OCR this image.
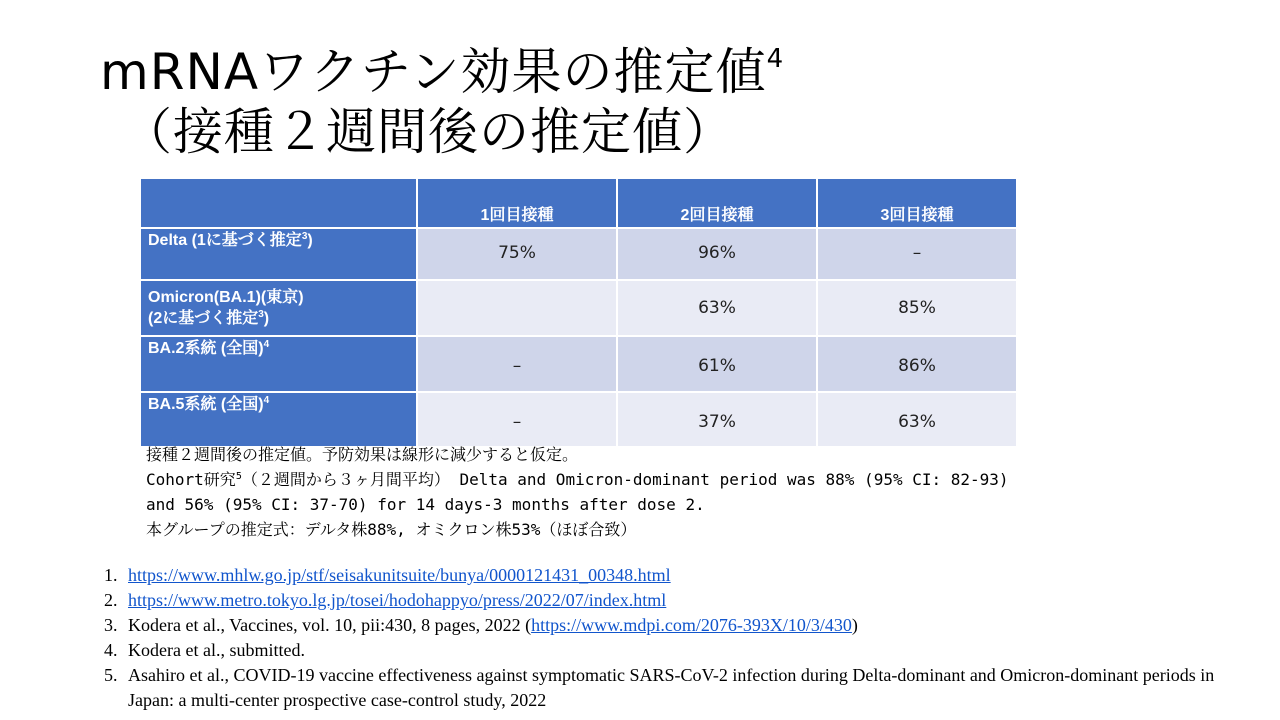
mRNAワクチン効果の推定値$^4$
（接種２週間後の推定値）
	1回目接種	2回目接種	3回目接種
Delta (1に基づく推定$^3$)	75%	96%	–
Omicron(BA.1)(東京)
(2に基づく推定$^3$)		63%	85%
BA.2系統 (全国)$^4$	–	61%	86%
BA.5系統 (全国)$^4$	–	37%	63%
接種２週間後の推定値。予防効果は線形に減少すると仮定。
Cohort研究$^5$（２週間から３ヶ月間平均） Delta and Omicron-dominant period was 88% (95% CI: 82-93)
and 56% (95% CI: 37-70) for 14 days-3 months after dose 2.
本グループの推定式：デルタ株88%, オミクロン株53%（ほぼ合致）
1. https://www.mhlw.go.jp/stf/seisakunitsuite/bunya/0000121431_00348.html
2. https://www.metro.tokyo.lg.jp/tosei/hodohappyo/press/2022/07/index.html
3. Kodera et al., Vaccines, vol. 10, pii:430, 8 pages, 2022 (https://www.mdpi.com/2076-393X/10/3/430)
4. Kodera et al., submitted.
5. Asahiro et al., COVID-19 vaccine effectiveness against symptomatic SARS-CoV-2 infection during Delta-dominant and Omicron-dominant periods in Japan: a multi-center prospective case-control study, 2022
